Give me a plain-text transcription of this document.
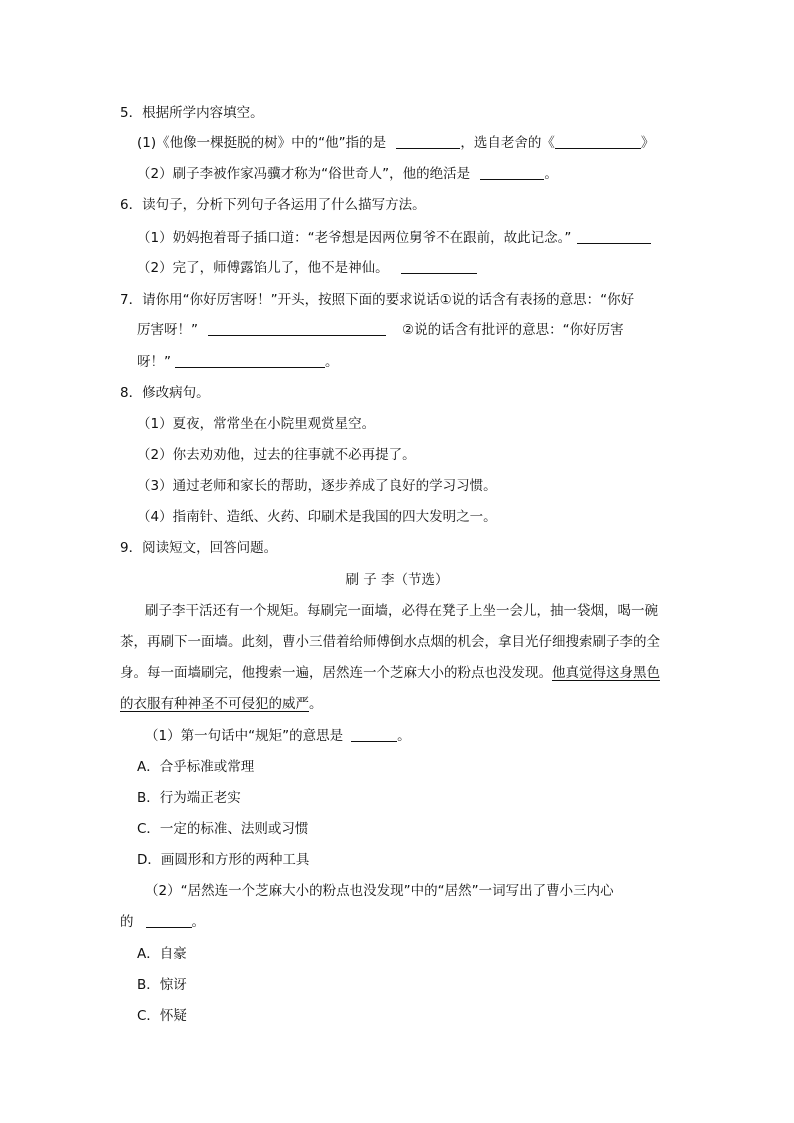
5．根据所学内容填空。
(1)《他像一棵挺脱的树》中的“他”指的是	，选自老舍的《	》
（2）刷子李被作家冯骥才称为“俗世奇人”，他的绝活是	。
6．读句子，分析下列句子各运用了什么描写方法。
（1）奶妈抱着哥子插口道：“老爷想是因两位舅爷不在跟前，故此记念。”
（2）完了，师傅露馅儿了，他不是神仙。
7．请你用“你好厉害呀！”开头，按照下面的要求说话①说的话含有表扬的意思：“你好
厉害呀！”	②说的话含有批评的意思：“你好厉害
呀！”	。
8．修改病句。
（1）夏夜，常常坐在小院里观赏星空。
（2）你去劝劝他，过去的往事就不必再提了。
（3）通过老师和家长的帮助，逐步养成了良好的学习习惯。
（4）指南针、造纸、火药、印刷术是我国的四大发明之一。
9．阅读短文，回答问题。
刷 子 李（节选）
刷子李干活还有一个规矩。每刷完一面墙，必得在凳子上坐一会儿，抽一袋烟，喝一碗
茶，再刷下一面墙。此刻，曹小三借着给师傅倒水点烟的机会，拿目光仔细搜索刷子李的全
身。每一面墙刷完，他搜索一遍，居然连一个芝麻大小的粉点也没发现。他真觉得这身黑色
的衣服有种神圣不可侵犯的威严。
（1）第一句话中“规矩”的意思是	。
A．合乎标准或常理
B．行为端正老实
C．一定的标准、法则或习惯
D．画圆形和方形的两种工具
（2）“居然连一个芝麻大小的粉点也没发现”中的“居然”一词写出了曹小三内心
的	。
A．自豪
B．惊讶
C．怀疑
